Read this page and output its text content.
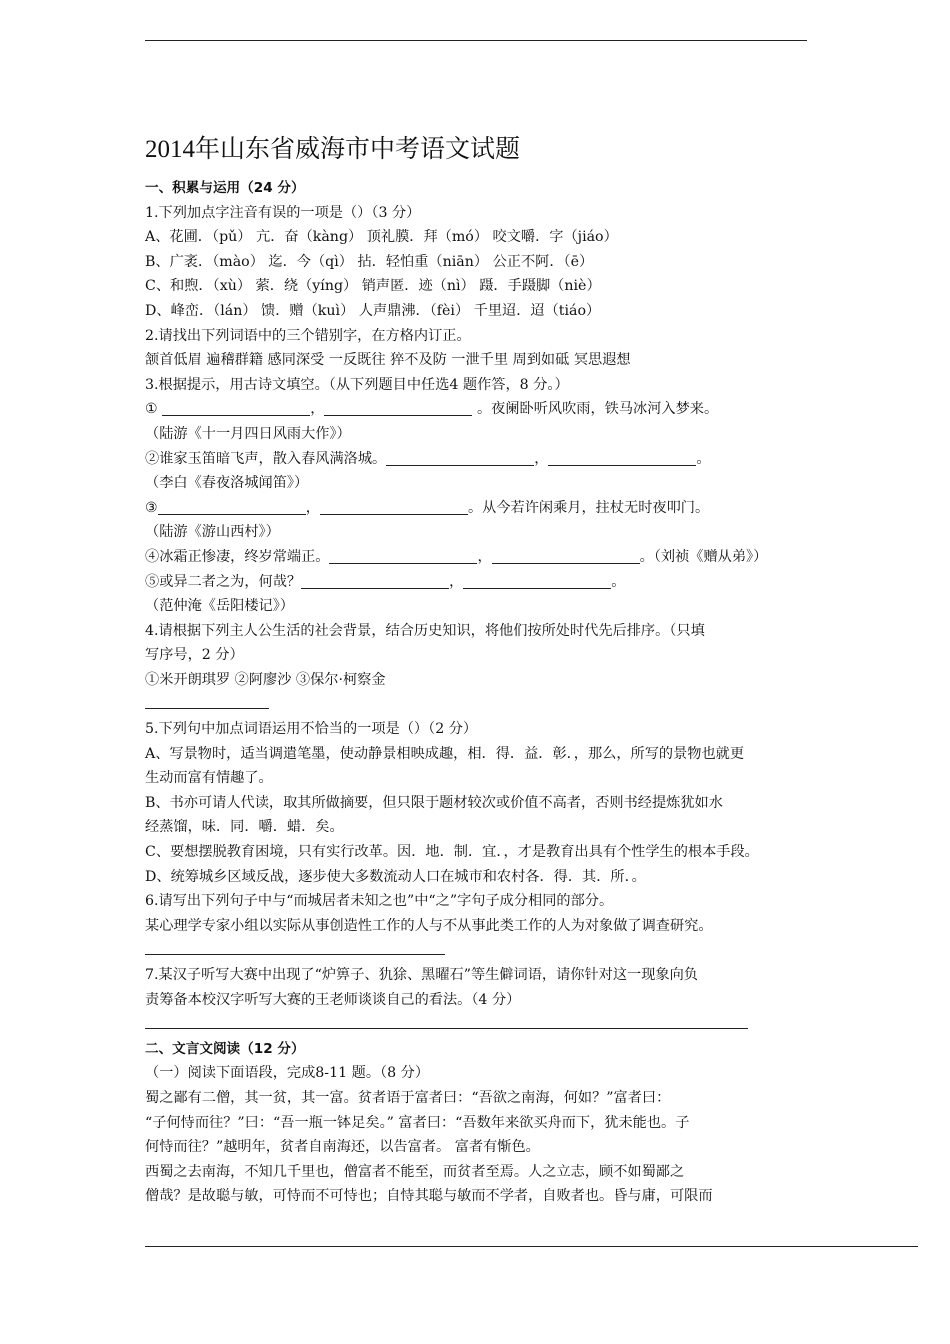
2014年山东省威海市中考语文试题
一、积累与运用（24 分）
1.下列加点字注音有误的一项是（）（3 分）
A、花圃．（pǔ） 亢．奋（kàng） 顶礼膜．拜（mó） 咬文嚼．字（jiáo）
B、广袤．（mào） 迄．今（qì） 拈．轻怕重（niān） 公正不阿．（ē）
C、和煦．（xù） 萦．绕（yíng） 销声匿．迹（nì） 蹑．手蹑脚（niè）
D、峰峦．（lán） 馈．赠（kuì） 人声鼎沸．（fèi） 千里迢．迢（tiáo）
2.请找出下列词语中的三个错别字，在方格内订正。
颔首低眉 遍稽群籍 感同深受 一反既往 猝不及防 一泄千里 周到如砥 冥思遐想
3.根据提示，用古诗文填空。（从下列题目中任选4 题作答，8 分。）
①	，	。夜阑卧听风吹雨，铁马冰河入梦来。
（陆游《十一月四日风雨大作》）
②谁家玉笛暗飞声，散入春风满洛城。	，	。
（李白《春夜洛城闻笛》）
③	，	。从今若许闲乘月，拄杖无时夜叩门。
（陆游《游山西村》）
④冰霜正惨凄，终岁常端正。	，	。（刘祯《赠从弟》）
⑤或异二者之为，何哉？	，	。
（范仲淹《岳阳楼记》）
4.请根据下列主人公生活的社会背景，结合历史知识，将他们按所处时代先后排序。（只填
写序号，2 分）
①米开朗琪罗 ②阿廖沙 ③保尔·柯察金
5.下列句中加点词语运用不恰当的一项是（）（2 分）
A、写景物时，适当调遣笔墨，使动静景相映成趣，相．得．益．彰．，那么，所写的景物也就更
生动而富有情趣了。
B、书亦可请人代读，取其所做摘要，但只限于题材较次或价值不高者，否则书经提炼犹如水
经蒸馏，味．同．嚼．蜡．矣。
C、要想摆脱教育困境，只有实行改革。因．地．制．宜．，才是教育出具有个性学生的根本手段。
D、统筹城乡区域反战，逐步使大多数流动人口在城市和农村各．得．其．所．。
6.请写出下列句子中与“而城居者未知之也”中“之”字句子成分相同的部分。
某心理学专家小组以实际从事创造性工作的人与不从事此类工作的人为对象做了调查研究。
7.某汉子听写大赛中出现了“炉箅子、犰狳、黑曜石”等生僻词语，请你针对这一现象向负
责筹备本校汉字听写大赛的王老师谈谈自己的看法。（4 分）
二、文言文阅读（12 分）
（一）阅读下面语段，完成8-11 题。（8 分）
蜀之鄙有二僧，其一贫，其一富。贫者语于富者曰：“吾欲之南海，何如？”富者曰：
“子何恃而往？”曰：“吾一瓶一钵足矣。” 富者曰：“吾数年来欲买舟而下，犹未能也。子
何恃而往？”越明年，贫者自南海还，以告富者。 富者有惭色。
西蜀之去南海，不知几千里也，僧富者不能至，而贫者至焉。人之立志，顾不如蜀鄙之
僧哉？是故聪与敏，可恃而不可恃也；自恃其聪与敏而不学者，自败者也。昏与庸，可限而
